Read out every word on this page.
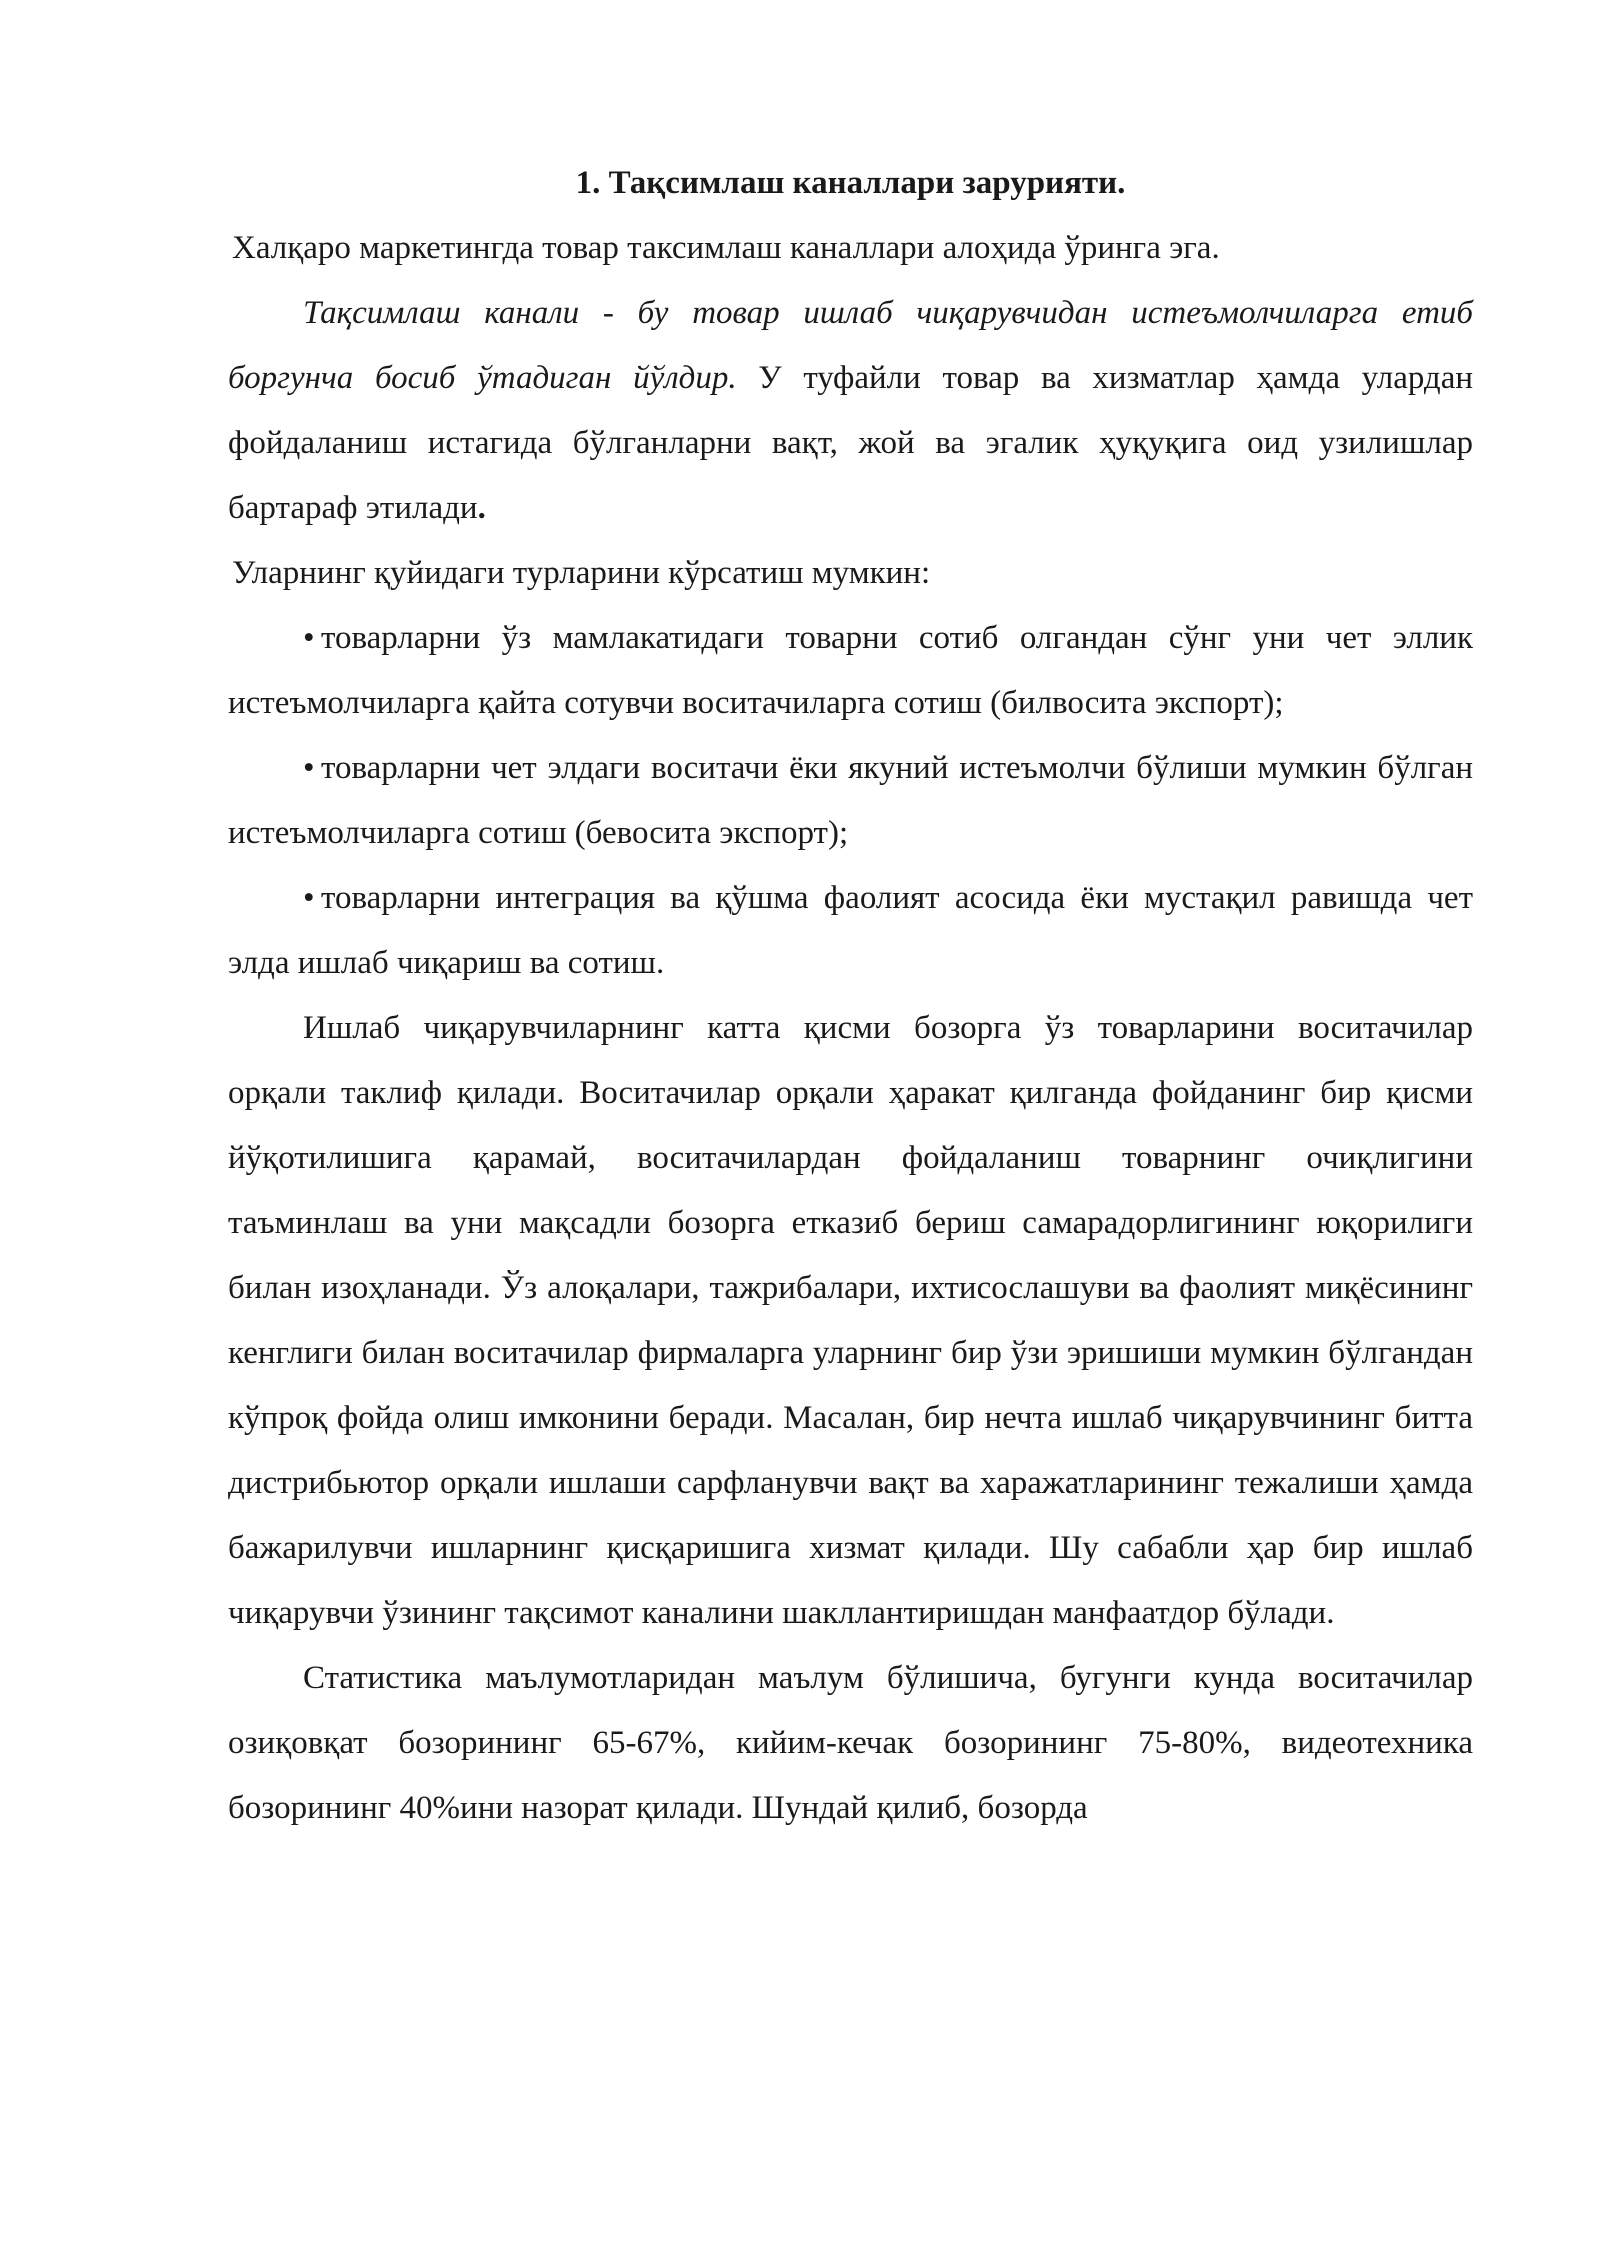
1. Тақсимлаш каналлари зарурияти.

Халқаро маркетингда товар таксимлаш каналлари алоҳида ўринга эга.

Тақсимлаш канали - бу товар ишлаб чиқарувчидан истеъмолчиларга етиб боргунча босиб ўтадиган йўлдир. У туфайли товар ва хизматлар ҳамда улардан фойдаланиш истагида бўлганларни вақт, жой ва эгалик ҳуқуқига оид узилишлар бартараф этилади.

Уларнинг қуйидаги турларини кўрсатиш мумкин:

• товарларни ўз мамлакатидаги товарни сотиб олгандан сўнг уни чет эллик истеъмолчиларга қайта сотувчи воситачиларга сотиш (билвосита экспорт);

• товарларни чет элдаги воситачи ёки якуний истеъмолчи бўлиши мумкин бўлган истеъмолчиларга сотиш (бевосита экспорт);

• товарларни интеграция ва қўшма фаолият асосида ёки мустақил равишда чет элда ишлаб чиқариш ва сотиш.

Ишлаб чиқарувчиларнинг катта қисми бозорга ўз товарларини воситачилар орқали таклиф қилади. Воситачилар орқали ҳаракат қилганда фойданинг бир қисми йўқотилишига қарамай, воситачилардан фойдаланиш товарнинг очиқлигини таъминлаш ва уни мақсадли бозорга етказиб бериш самарадорлигининг юқорилиги билан изоҳланади. Ўз алоқалари, тажрибалари, ихтисослашуви ва фаолият миқёсининг кенглиги билан воситачилар фирмаларга уларнинг бир ўзи эришиши мумкин бўлгандан кўпроқ фойда олиш имконини беради. Масалан, бир нечта ишлаб чиқарувчининг битта дистрибьютор орқали ишлаши сарфланувчи вақт ва харажатларининг тежалиши ҳамда бажарилувчи ишларнинг қисқаришига хизмат қилади. Шу сабабли ҳар бир ишлаб чиқарувчи ўзининг тақсимот каналини шакллантиришдан манфаатдор бўлади.

Статистика маълумотларидан маълум бўлишича, бугунги кунда воситачилар озиқовқат бозорининг 65-67%, кийим-кечак бозорининг 75-80%, видеотехника бозорининг 40%ини назорат қилади. Шундай қилиб, бозорда
